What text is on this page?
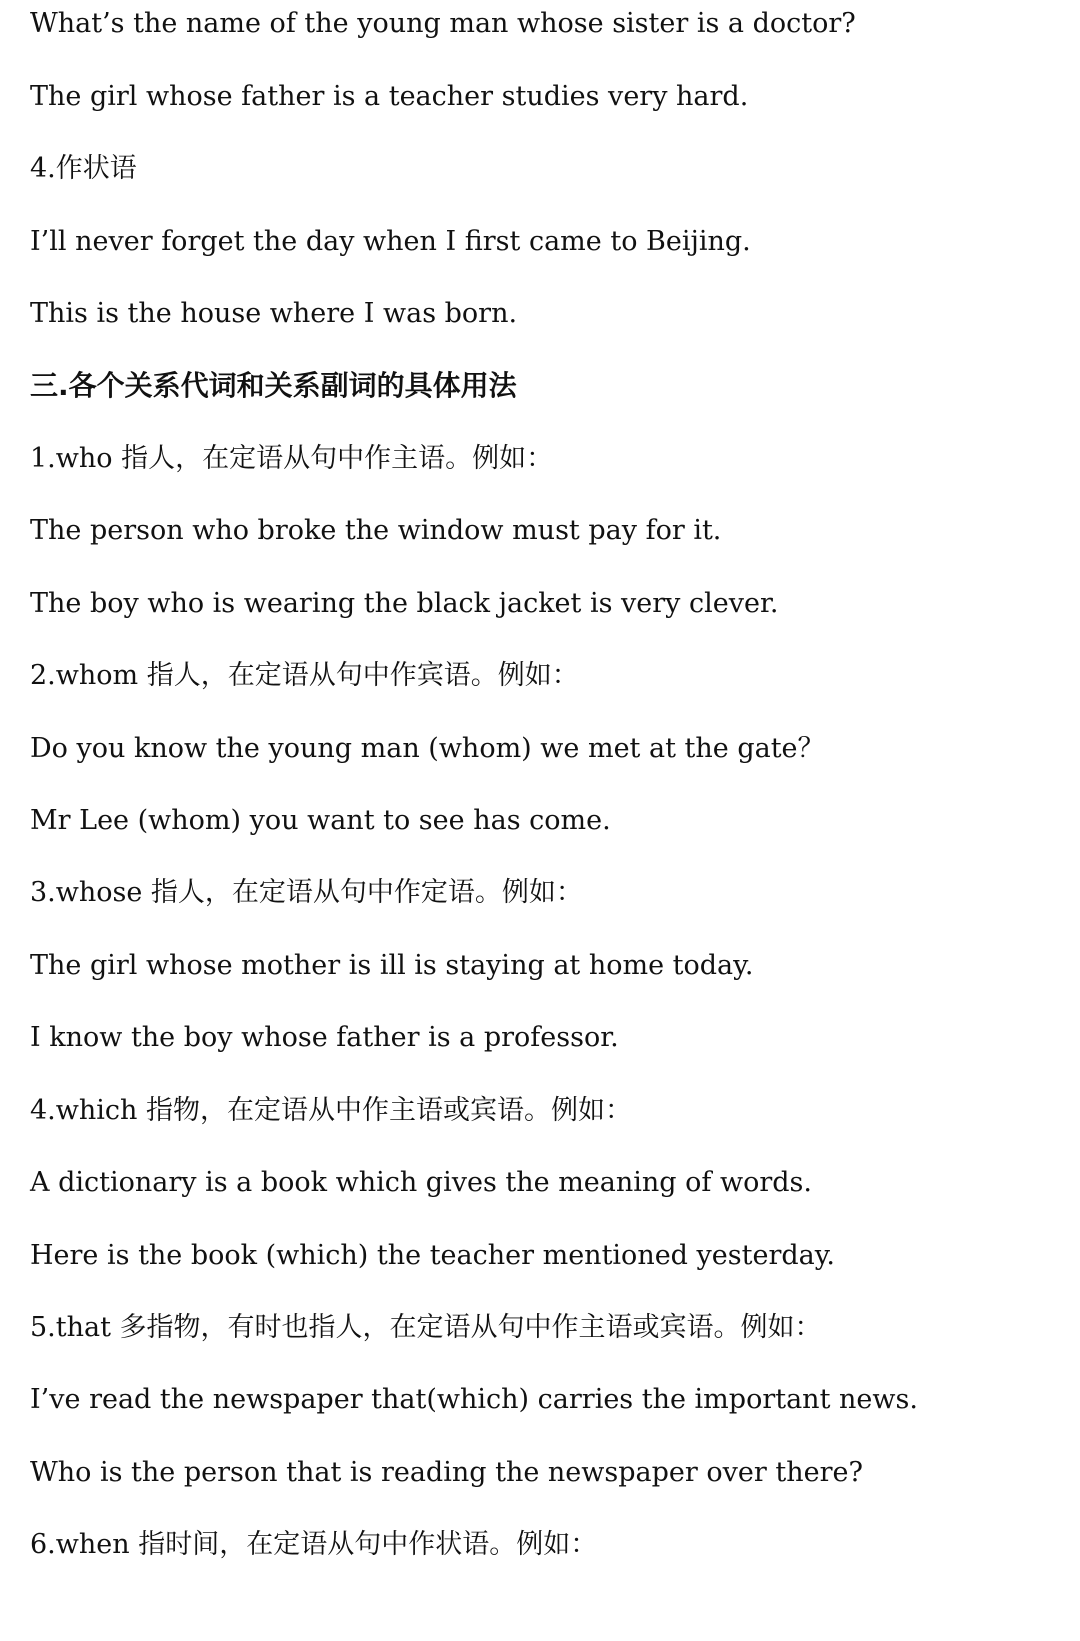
What’s the name of the young man whose sister is a doctor?
The girl whose father is a teacher studies very hard.
4.作状语
I’ll never forget the day when I first came to Beijing.
This is the house where I was born.
三.各个关系代词和关系副词的具体用法
1.who 指人，在定语从句中作主语。例如：
The person who broke the window must pay for it.
The boy who is wearing the black jacket is very clever.
2.whom 指人，在定语从句中作宾语。例如：
Do you know the young man (whom) we met at the gate？
Mr Lee (whom) you want to see has come.
3.whose 指人，在定语从句中作定语。例如：
The girl whose mother is ill is staying at home today.
I know the boy whose father is a professor.
4.which 指物，在定语从中作主语或宾语。例如：
A dictionary is a book which gives the meaning of words.
Here is the book (which) the teacher mentioned yesterday.
5.that 多指物，有时也指人，在定语从句中作主语或宾语。例如：
I’ve read the newspaper that(which) carries the important news.
Who is the person that is reading the newspaper over there?
6.when 指时间，在定语从句中作状语。例如：
